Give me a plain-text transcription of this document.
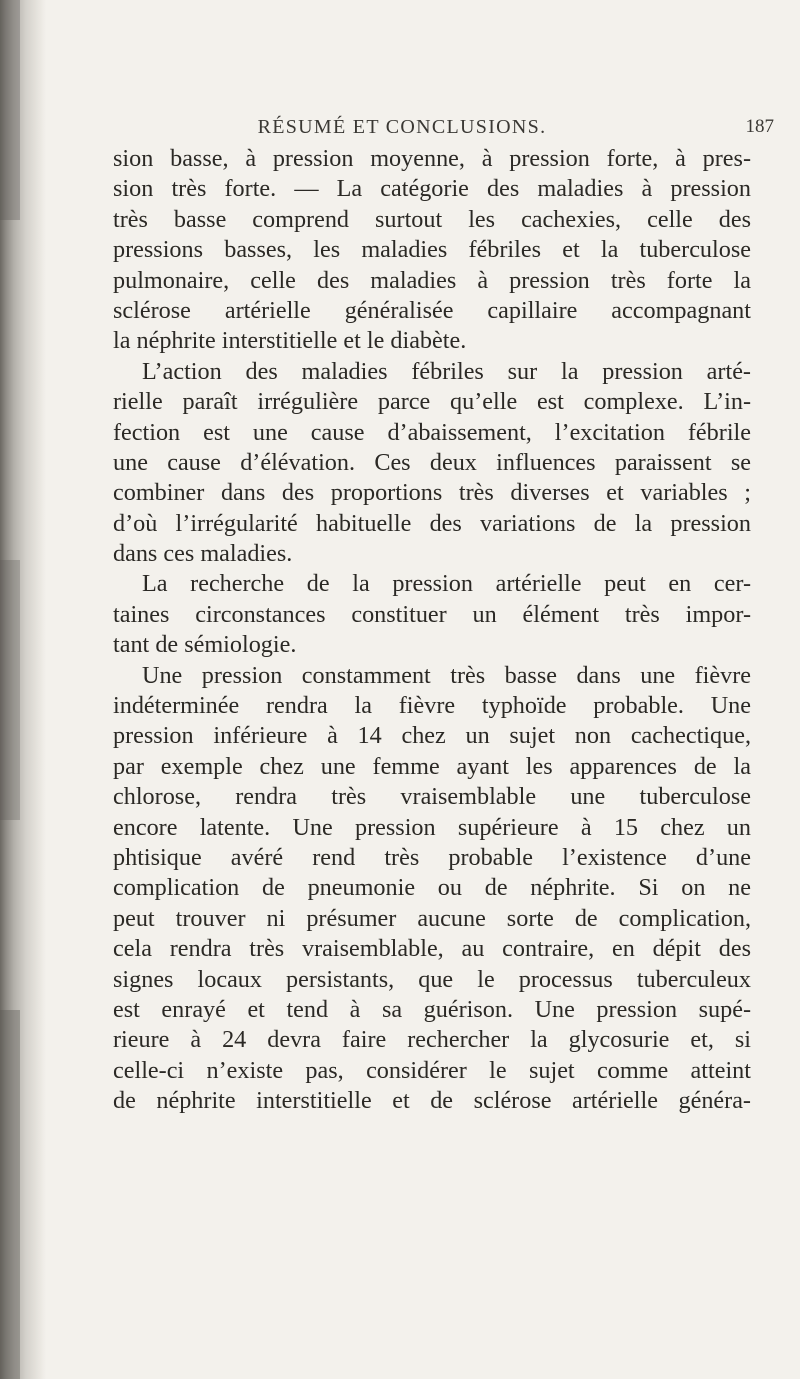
RÉSUMÉ ET CONCLUSIONS.	187
sion basse, à pression moyenne, à pression forte, à pres-
sion très forte. — La catégorie des maladies à pression
très basse comprend surtout les cachexies, celle des
pressions basses, les maladies fébriles et la tuberculose
pulmonaire, celle des maladies à pression très forte la
sclérose artérielle généralisée capillaire accompagnant
la néphrite interstitielle et le diabète.
L’action des maladies fébriles sur la pression arté-
rielle paraît irrégulière parce qu’elle est complexe. L’in-
fection est une cause d’abaissement, l’excitation fébrile
une cause d’élévation. Ces deux influences paraissent se
combiner dans des proportions très diverses et variables ;
d’où l’irrégularité habituelle des variations de la pression
dans ces maladies.
La recherche de la pression artérielle peut en cer-
taines circonstances constituer un élément très impor-
tant de sémiologie.
Une pression constamment très basse dans une fièvre
indéterminée rendra la fièvre typhoïde probable. Une
pression inférieure à 14 chez un sujet non cachectique,
par exemple chez une femme ayant les apparences de la
chlorose, rendra très vraisemblable une tuberculose
encore latente. Une pression supérieure à 15 chez un
phtisique avéré rend très probable l’existence d’une
complication de pneumonie ou de néphrite. Si on ne
peut trouver ni présumer aucune sorte de complication,
cela rendra très vraisemblable, au contraire, en dépit des
signes locaux persistants, que le processus tuberculeux
est enrayé et tend à sa guérison. Une pression supé-
rieure à 24 devra faire rechercher la glycosurie et, si
celle-ci n’existe pas, considérer le sujet comme atteint
de néphrite interstitielle et de sclérose artérielle généra-
